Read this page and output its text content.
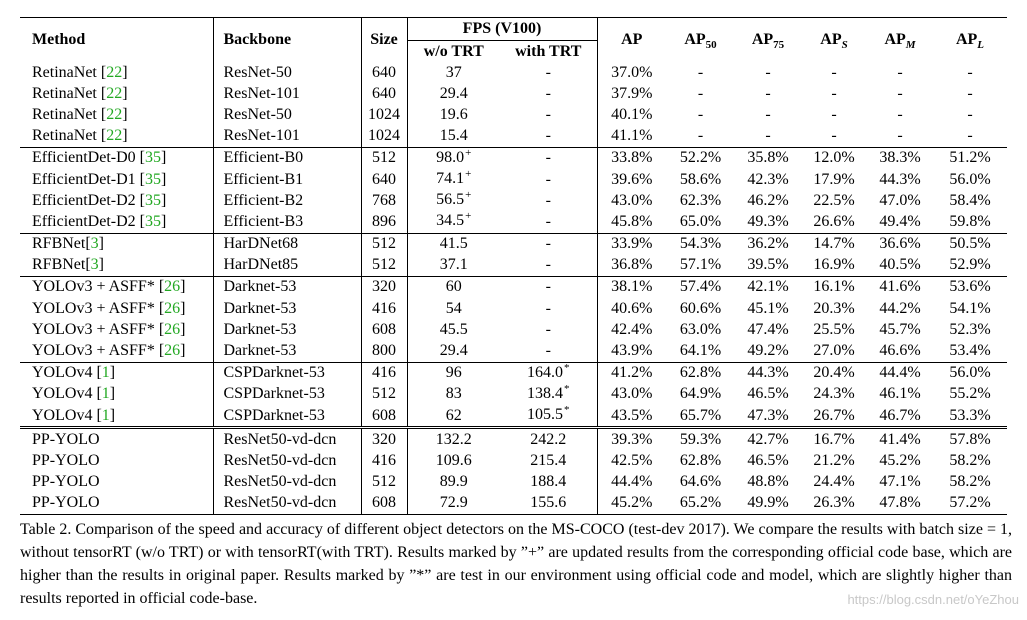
Method	Backbone	Size	FPS (V100)		AP	$AP_{50}$	$AP_{75}$	$AP_S$	$AP_M$	$AP_L$
			w/o TRT	with TRT						
RetinaNet [22]	ResNet-50	640	37	-	37.0%	-	-	-	-	-
RetinaNet [22]	ResNet-101	640	29.4	-	37.9%	-	-	-	-	-
RetinaNet [22]	ResNet-50	1024	19.6	-	40.1%	-	-	-	-	-
RetinaNet [22]	ResNet-101	1024	15.4	-	41.1%	-	-	-	-	-
EfficientDet-D0 [35]	Efficient-B0	512	98.0+	-	33.8%	52.2%	35.8%	12.0%	38.3%	51.2%
EfficientDet-D1 [35]	Efficient-B1	640	74.1+	-	39.6%	58.6%	42.3%	17.9%	44.3%	56.0%
EfficientDet-D2 [35]	Efficient-B2	768	56.5+	-	43.0%	62.3%	46.2%	22.5%	47.0%	58.4%
EfficientDet-D2 [35]	Efficient-B3	896	34.5+	-	45.8%	65.0%	49.3%	26.6%	49.4%	59.8%
RFBNet[3]	HarDNet68	512	41.5	-	33.9%	54.3%	36.2%	14.7%	36.6%	50.5%
RFBNet[3]	HarDNet85	512	37.1	-	36.8%	57.1%	39.5%	16.9%	40.5%	52.9%
YOLOv3 + ASFF* [26]	Darknet-53	320	60	-	38.1%	57.4%	42.1%	16.1%	41.6%	53.6%
YOLOv3 + ASFF* [26]	Darknet-53	416	54	-	40.6%	60.6%	45.1%	20.3%	44.2%	54.1%
YOLOv3 + ASFF* [26]	Darknet-53	608	45.5	-	42.4%	63.0%	47.4%	25.5%	45.7%	52.3%
YOLOv3 + ASFF* [26]	Darknet-53	800	29.4	-	43.9%	64.1%	49.2%	27.0%	46.6%	53.4%
YOLOv4 [1]	CSPDarknet-53	416	96	164.0*	41.2%	62.8%	44.3%	20.4%	44.4%	56.0%
YOLOv4 [1]	CSPDarknet-53	512	83	138.4*	43.0%	64.9%	46.5%	24.3%	46.1%	55.2%
YOLOv4 [1]	CSPDarknet-53	608	62	105.5*	43.5%	65.7%	47.3%	26.7%	46.7%	53.3%
PP-YOLO	ResNet50-vd-dcn	320	132.2	242.2	39.3%	59.3%	42.7%	16.7%	41.4%	57.8%
PP-YOLO	ResNet50-vd-dcn	416	109.6	215.4	42.5%	62.8%	46.5%	21.2%	45.2%	58.2%
PP-YOLO	ResNet50-vd-dcn	512	89.9	188.4	44.4%	64.6%	48.8%	24.4%	47.1%	58.2%
PP-YOLO	ResNet50-vd-dcn	608	72.9	155.6	45.2%	65.2%	49.9%	26.3%	47.8%	57.2%
Table 2. Comparison of the speed and accuracy of different object detectors on the MS-COCO (test-dev 2017). We compare the results with batch size = 1, without tensorRT (w/o TRT) or with tensorRT(with TRT). Results marked by ”+” are updated results from the corresponding official code base, which are higher than the results in original paper. Results marked by ”*” are test in our environment using official code and model, which are slightly higher than results reported in official code-base.	https://blog.csdn.net/oYeZhou
